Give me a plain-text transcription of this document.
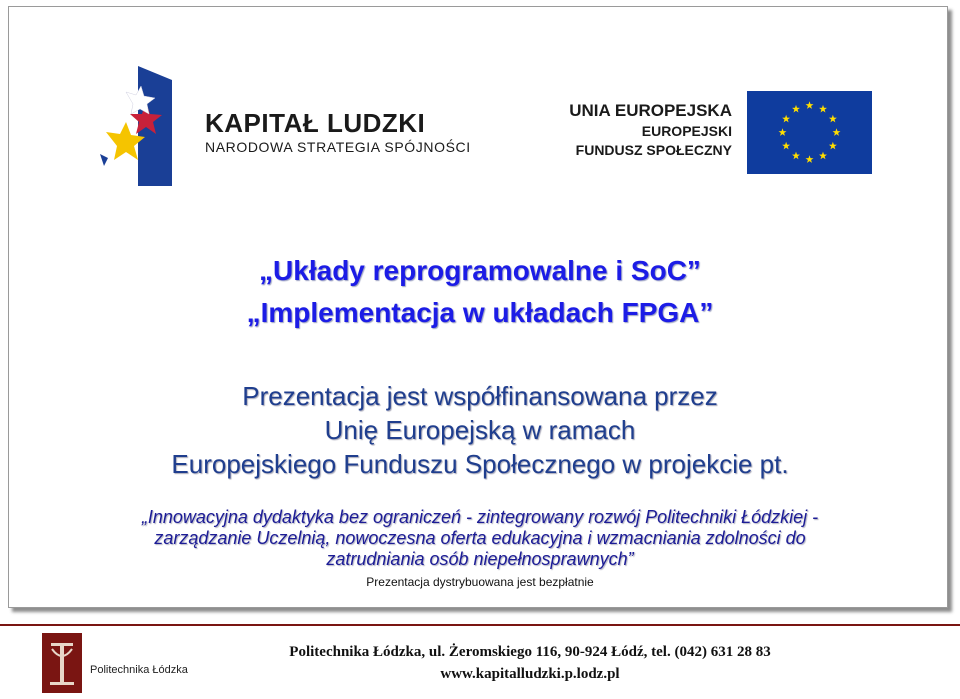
KAPITAŁ LUDZKI
NARODOWA STRATEGIA SPÓJNOŚCI
UNIA EUROPEJSKA
EUROPEJSKI
FUNDUSZ SPOŁECZNY
„Układy reprogramowalne i SoC”
„Implementacja w układach FPGA”
Prezentacja jest współfinansowana przez
Unię Europejską w ramach
Europejskiego Funduszu Społecznego w projekcie pt.
„Innowacyjna dydaktyka bez ograniczeń - zintegrowany rozwój Politechniki Łódzkiej -
zarządzanie Uczelnią, nowoczesna oferta edukacyjna i wzmacniania zdolności do
zatrudniania osób niepełnosprawnych”
Prezentacja dystrybuowana jest bezpłatnie
Politechnika Łódzka
Politechnika Łódzka, ul. Żeromskiego 116, 90-924 Łódź, tel. (042) 631 28 83
www.kapitalludzki.p.lodz.pl
